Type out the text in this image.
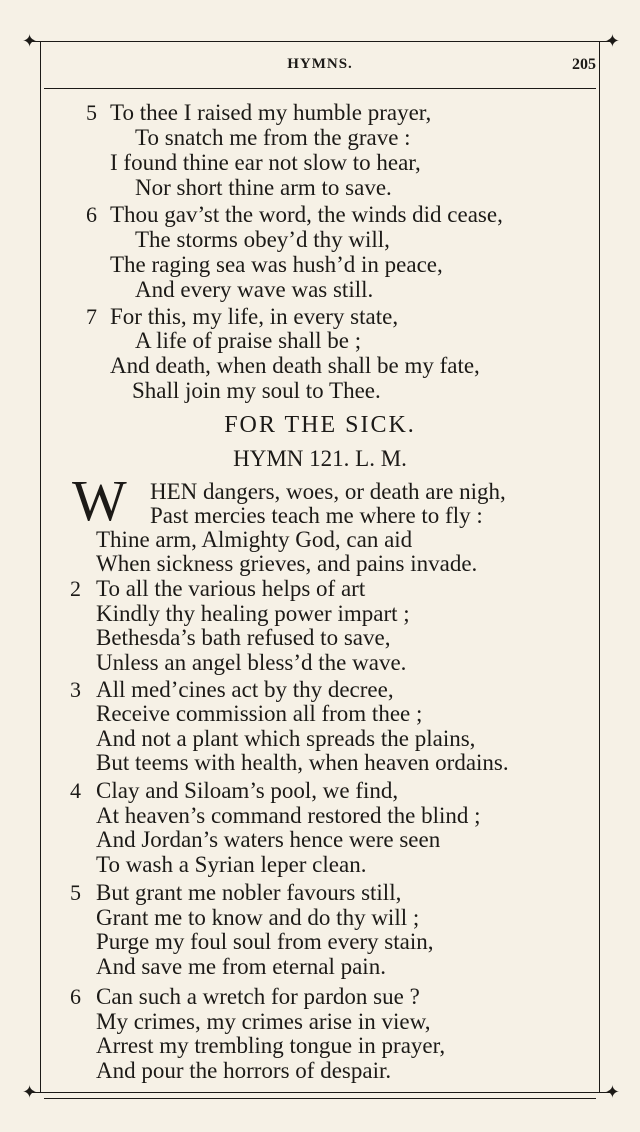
✦	✦
✦	✦
HYMNS.	205
5 To thee I raised my humble prayer,
To snatch me from the grave :
I found thine ear not slow to hear,
Nor short thine arm to save.
6 Thou gav’st the word, the winds did cease,
The storms obey’d thy will,
The raging sea was hush’d in peace,
And every wave was still.
7 For this, my life, in every state,
A life of praise shall be ;
And death, when death shall be my fate,
Shall join my soul to Thee.
FOR THE SICK.
HYMN 121. L. M.
W HEN dangers, woes, or death are nigh,
Past mercies teach me where to fly :
Thine arm, Almighty God, can aid
When sickness grieves, and pains invade.
2 To all the various helps of art
Kindly thy healing power impart ;
Bethesda’s bath refused to save,
Unless an angel bless’d the wave.
3 All med’cines act by thy decree,
Receive commission all from thee ;
And not a plant which spreads the plains,
But teems with health, when heaven ordains.
4 Clay and Siloam’s pool, we find,
At heaven’s command restored the blind ;
And Jordan’s waters hence were seen
To wash a Syrian leper clean.
5 But grant me nobler favours still,
Grant me to know and do thy will ;
Purge my foul soul from every stain,
And save me from eternal pain.
6 Can such a wretch for pardon sue ?
My crimes, my crimes arise in view,
Arrest my trembling tongue in prayer,
And pour the horrors of despair.
